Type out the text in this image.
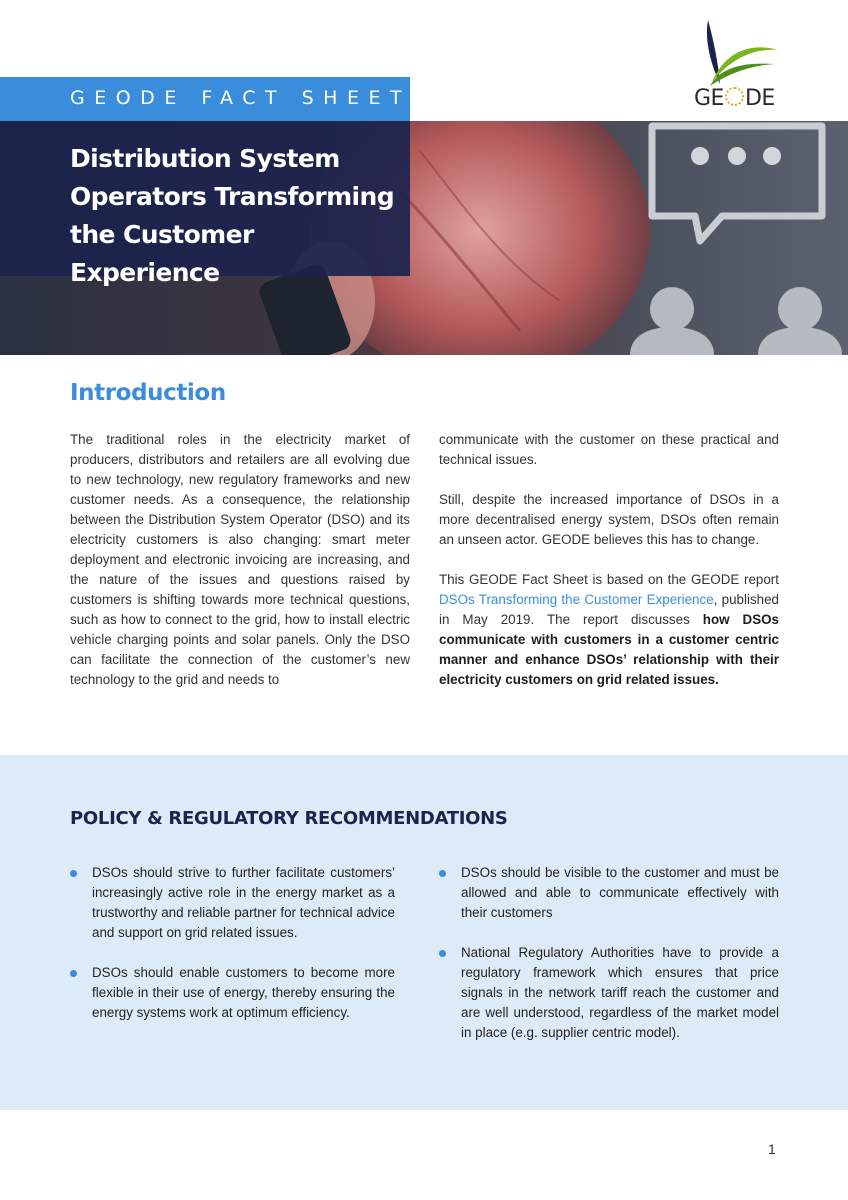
GE DE
GEODE FACT SHEET
Distribution System Operators Transforming the Customer Experience
Introduction

The traditional roles in the electricity market of producers, distributors and retailers are all evolving due to new technology, new regulatory frameworks and new customer needs. As a consequence, the relationship between the Distribution System Operator (DSO) and its electricity customers is also changing: smart meter deployment and electronic invoicing are increasing, and the nature of the issues and questions raised by customers is shifting towards more technical questions, such as how to connect to the grid, how to install electric vehicle charging points and solar panels. Only the DSO can facilitate the connection of the customer’s new technology to the grid and needs to

communicate with the customer on these practical and technical issues.

Still, despite the increased importance of DSOs in a more decentralised energy system, DSOs often remain an unseen actor. GEODE believes this has to change.

This GEODE Fact Sheet is based on the GEODE report DSOs Transforming the Customer Experience, published in May 2019. The report discusses how DSOs communicate with customers in a customer centric manner and enhance DSOs’ relationship with their electricity customers on grid related issues.

POLICY & REGULATORY RECOMMENDATIONS
DSOs should strive to further facilitate customers’ increasingly active role in the energy market as a trustworthy and reliable partner for technical advice and support on grid related issues.
DSOs should enable customers to become more flexible in their use of energy, thereby ensuring the energy systems work at optimum efficiency.
DSOs should be visible to the customer and must be allowed and able to communicate effectively with their customers
National Regulatory Authorities have to provide a regulatory framework which ensures that price signals in the network tariff reach the customer and are well understood, regardless of the market model in place (e.g. supplier centric model).
1
